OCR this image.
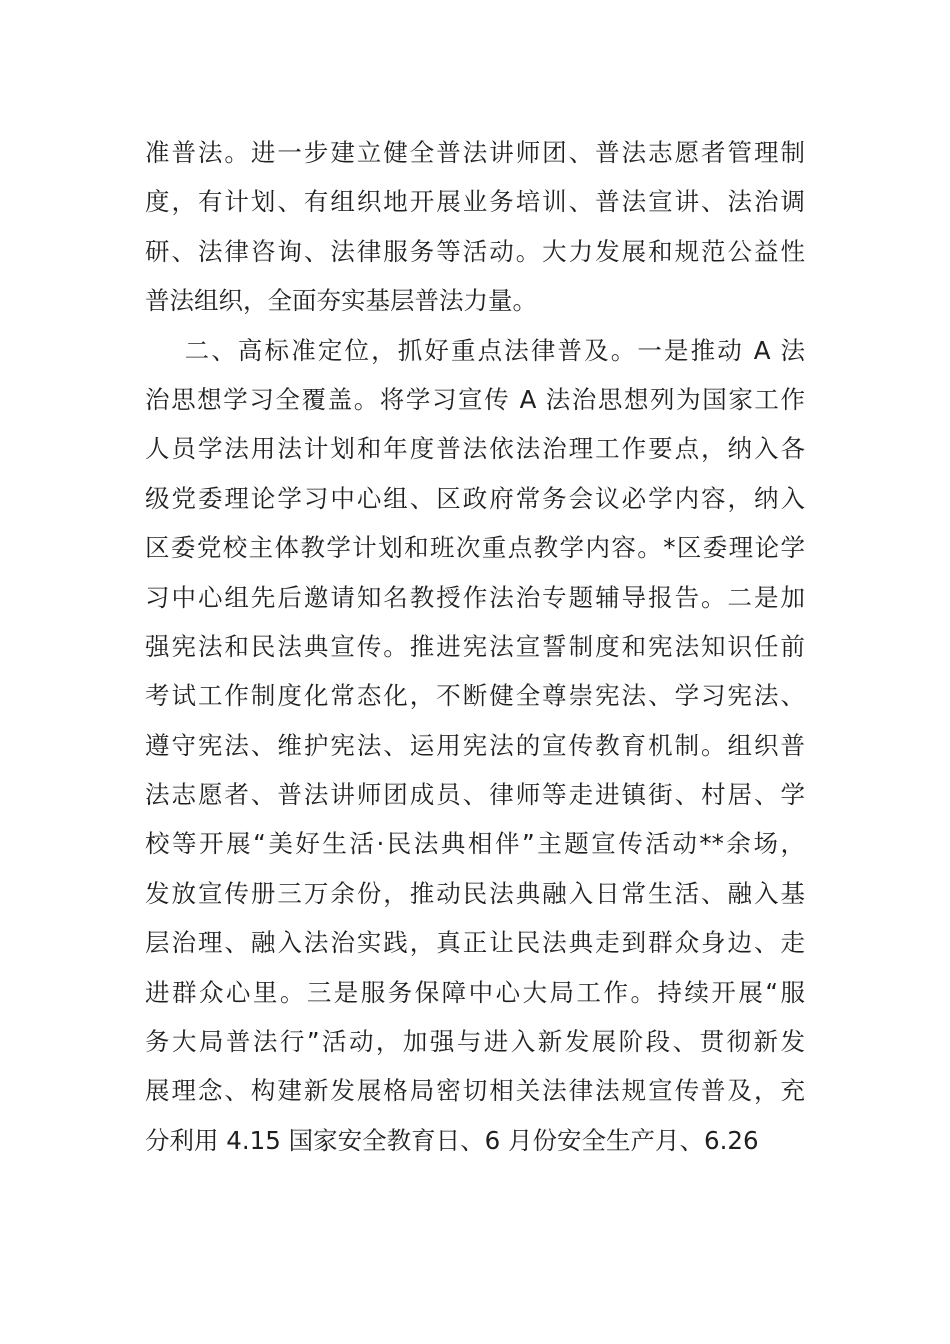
准普法。进一步建立健全普法讲师团、普法志愿者管理制
度，有计划、有组织地开展业务培训、普法宣讲、法治调
研、法律咨询、法律服务等活动。大力发展和规范公益性
普法组织，全面夯实基层普法力量。
二、高标准定位，抓好重点法律普及。一是推动 A 法
治思想学习全覆盖。将学习宣传 A 法治思想列为国家工作
人员学法用法计划和年度普法依法治理工作要点，纳入各
级党委理论学习中心组、区政府常务会议必学内容，纳入
区委党校主体教学计划和班次重点教学内容。*区委理论学
习中心组先后邀请知名教授作法治专题辅导报告。二是加
强宪法和民法典宣传。推进宪法宣誓制度和宪法知识任前
考试工作制度化常态化，不断健全尊崇宪法、学习宪法、
遵守宪法、维护宪法、运用宪法的宣传教育机制。组织普
法志愿者、普法讲师团成员、律师等走进镇街、村居、学
校等开展“美好生活·民法典相伴”主题宣传活动**余场，
发放宣传册三万余份，推动民法典融入日常生活、融入基
层治理、融入法治实践，真正让民法典走到群众身边、走
进群众心里。三是服务保障中心大局工作。持续开展“服
务大局普法行”活动，加强与进入新发展阶段、贯彻新发
展理念、构建新发展格局密切相关法律法规宣传普及，充
分利用 4.15 国家安全教育日、6 月份安全生产月、6.26
